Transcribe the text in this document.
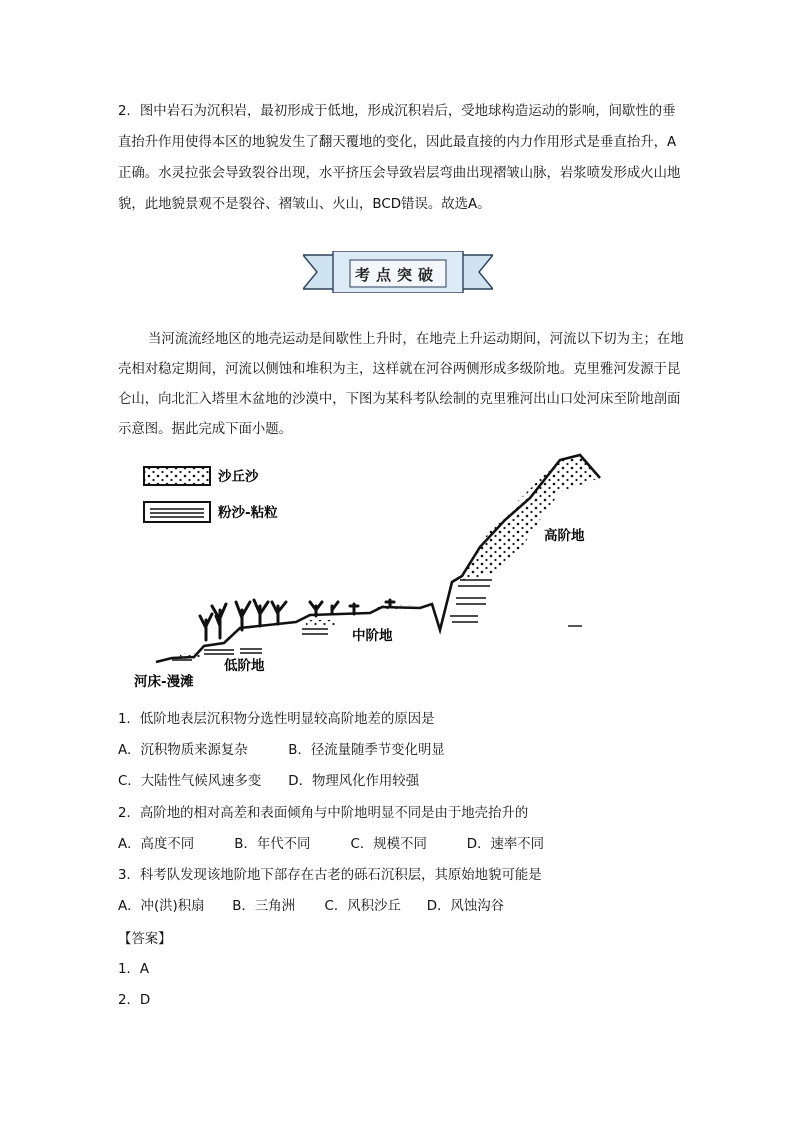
2．图中岩石为沉积岩，最初形成于低地，形成沉积岩后，受地球构造运动的影响，间歇性的垂直抬升作用使得本区的地貌发生了翻天覆地的变化，因此最直接的内力作用形式是垂直抬升，A正确。水灵拉张会导致裂谷出现，水平挤压会导致岩层弯曲出现褶皱山脉，岩浆喷发形成火山地貌，此地貌景观不是裂谷、褶皱山、火山，BCD错误。故选A。

考点突破

当河流流经地区的地壳运动是间歇性上升时，在地壳上升运动期间，河流以下切为主；在地壳相对稳定期间，河流以侧蚀和堆积为主，这样就在河谷两侧形成多级阶地。克里雅河发源于昆仑山，向北汇入塔里木盆地的沙漠中，下图为某科考队绘制的克里雅河出山口处河床至阶地剖面示意图。据此完成下面小题。

高阶地
中阶地
低阶地
河床-漫滩
沙丘沙
粉沙-粘粒
1．低阶地表层沉积物分选性明显较高阶地差的原因是
A．沉积物质来源复杂	B．径流量随季节变化明显
C．大陆性气候风速多变 D．物理风化作用较强
2．高阶地的相对高差和表面倾角与中阶地明显不同是由于地壳抬升的
A．高度不同	B．年代不同	C．规模不同	D．速率不同
3．科考队发现该地阶地下部存在古老的砾石沉积层，其原始地貌可能是
A．冲(洪)积扇 B．三角洲 C．风积沙丘 D．风蚀沟谷
【答案】
1．A
2．D
